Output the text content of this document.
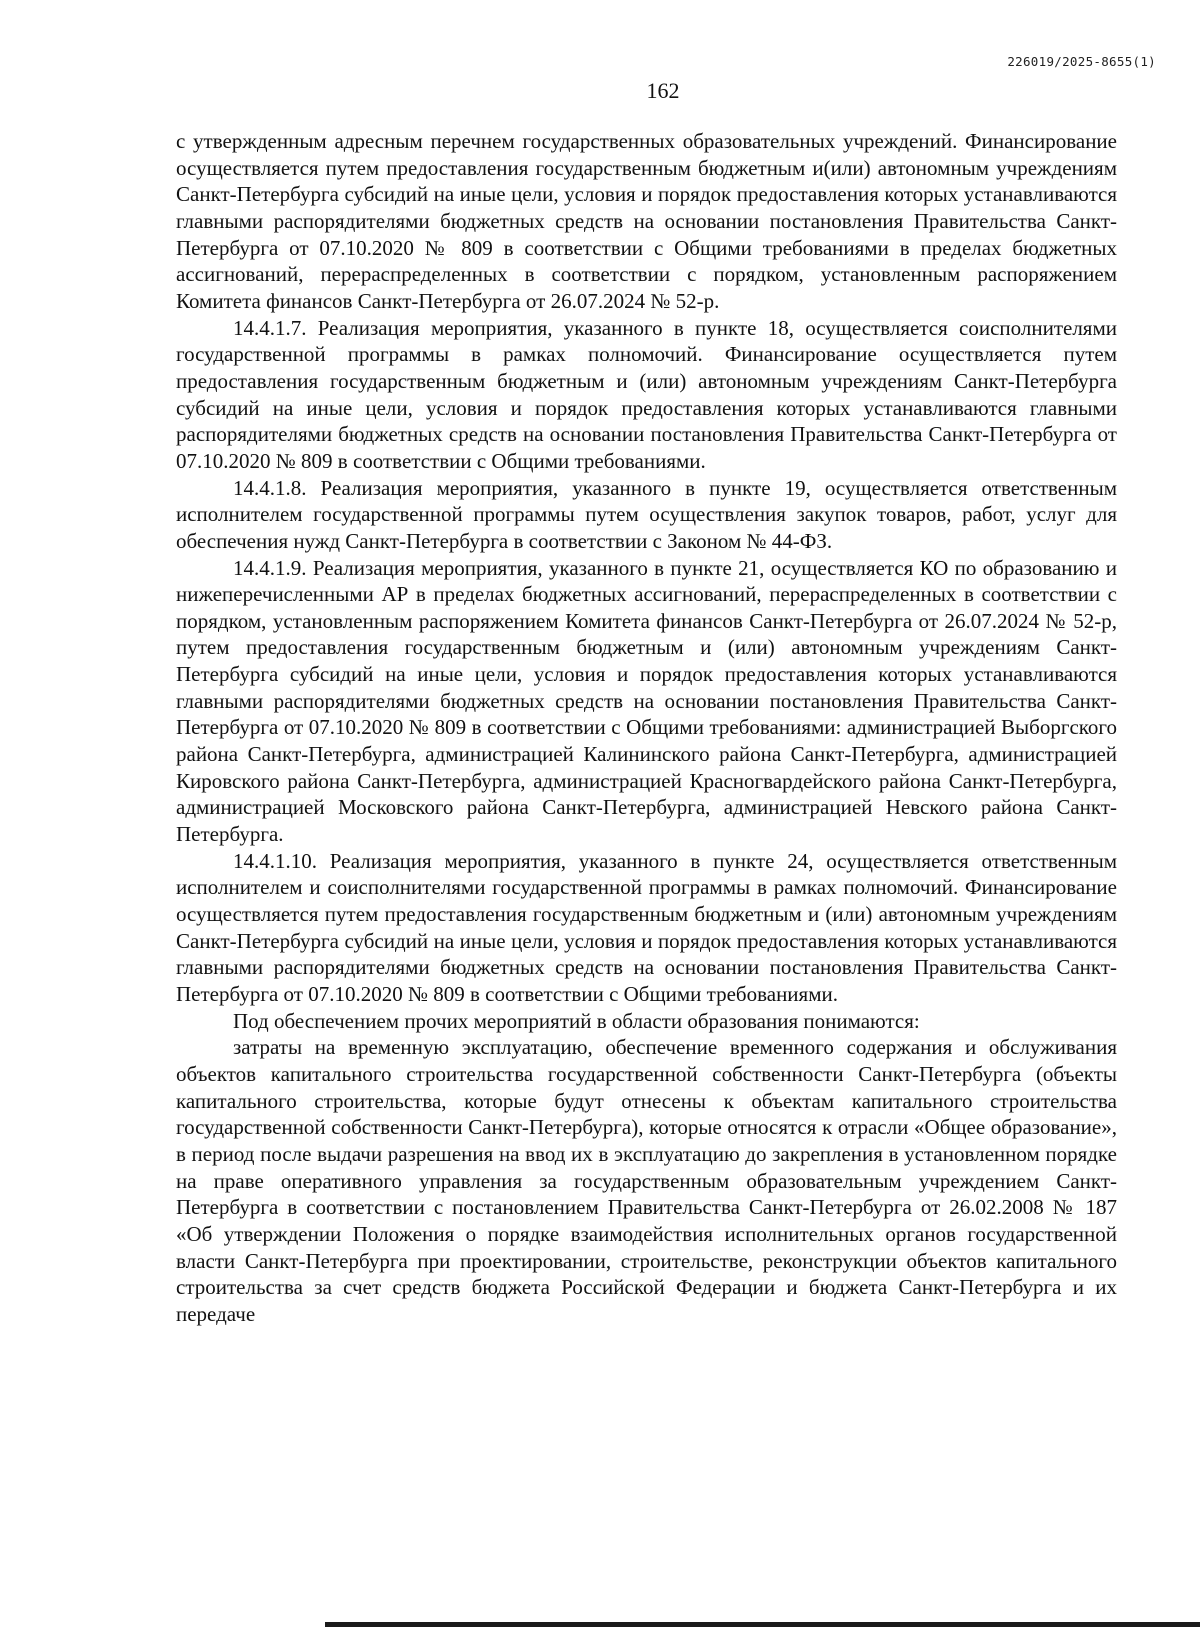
226019/2025-8655(1)
162

с утвержденным адресным перечнем государственных образовательных учреждений. Финансирование осуществляется путем предоставления государственным бюджетным и(или) автономным учреждениям Санкт-Петербурга субсидий на иные цели, условия и порядок предоставления которых устанавливаются главными распорядителями бюджетных средств на основании постановления Правительства Санкт-Петербурга от 07.10.2020 № 809 в соответствии с Общими требованиями в пределах бюджетных ассигнований, перераспределенных в соответствии с порядком, установленным распоряжением Комитета финансов Санкт-Петербурга от 26.07.2024 № 52-р.

14.4.1.7. Реализация мероприятия, указанного в пункте 18, осуществляется соисполнителями государственной программы в рамках полномочий. Финансирование осуществляется путем предоставления государственным бюджетным и (или) автономным учреждениям Санкт-Петербурга субсидий на иные цели, условия и порядок предоставления которых устанавливаются главными распорядителями бюджетных средств на основании постановления Правительства Санкт-Петербурга от 07.10.2020 № 809 в соответствии с Общими требованиями.

14.4.1.8. Реализация мероприятия, указанного в пункте 19, осуществляется ответственным исполнителем государственной программы путем осуществления закупок товаров, работ, услуг для обеспечения нужд Санкт-Петербурга в соответствии с Законом № 44-ФЗ.

14.4.1.9. Реализация мероприятия, указанного в пункте 21, осуществляется КО по образованию и нижеперечисленными АР в пределах бюджетных ассигнований, перераспределенных в соответствии с порядком, установленным распоряжением Комитета финансов Санкт-Петербурга от 26.07.2024 № 52-р, путем предоставления государственным бюджетным и (или) автономным учреждениям Санкт-Петербурга субсидий на иные цели, условия и порядок предоставления которых устанавливаются главными распорядителями бюджетных средств на основании постановления Правительства Санкт-Петербурга от 07.10.2020 № 809 в соответствии с Общими требованиями: администрацией Выборгского района Санкт-Петербурга, администрацией Калининского района Санкт-Петербурга, администрацией Кировского района Санкт-Петербурга, администрацией Красногвардейского района Санкт-Петербурга, администрацией Московского района Санкт-Петербурга, администрацией Невского района Санкт-Петербурга.

14.4.1.10. Реализация мероприятия, указанного в пункте 24, осуществляется ответственным исполнителем и соисполнителями государственной программы в рамках полномочий. Финансирование осуществляется путем предоставления государственным бюджетным и (или) автономным учреждениям Санкт-Петербурга субсидий на иные цели, условия и порядок предоставления которых устанавливаются главными распорядителями бюджетных средств на основании постановления Правительства Санкт-Петербурга от 07.10.2020 № 809 в соответствии с Общими требованиями.

Под обеспечением прочих мероприятий в области образования понимаются:

затраты на временную эксплуатацию, обеспечение временного содержания и обслуживания объектов капитального строительства государственной собственности Санкт-Петербурга (объекты капитального строительства, которые будут отнесены к объектам капитального строительства государственной собственности Санкт-Петербурга), которые относятся к отрасли «Общее образование», в период после выдачи разрешения на ввод их в эксплуатацию до закрепления в установленном порядке на праве оперативного управления за государственным образовательным учреждением Санкт-Петербурга в соответствии с постановлением Правительства Санкт-Петербурга от 26.02.2008 № 187 «Об утверждении Положения о порядке взаимодействия исполнительных органов государственной власти Санкт-Петербурга при проектировании, строительстве, реконструкции объектов капитального строительства за счет средств бюджета Российской Федерации и бюджета Санкт-Петербурга и их передаче
